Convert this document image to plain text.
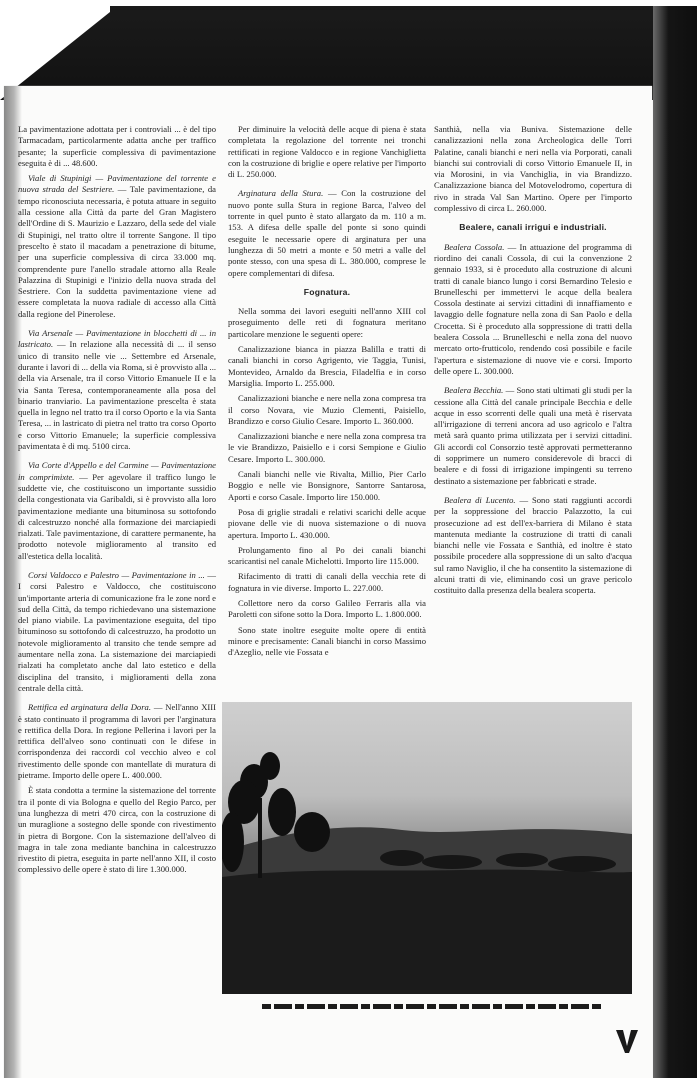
La pavimentazione adottata per i controviali ... è del tipo Tarmacadam, particolarmente adatta anche per traffico pesante; la superficie complessiva di pavimentazione eseguita è di ... 48.600.

Viale di Stupinigi — Pavimentazione del torrente e nuova strada del Sestriere. — Tale pavimentazione, da tempo riconosciuta necessaria, è potuta attuare in seguito alla cessione alla Città da parte del Gran Magistero dell'Ordine di S. Maurizio e Lazzaro, della sede del viale di Stupinigi, nel tratto oltre il torrente Sangone. Il tipo prescelto è stato il macadam a penetrazione di bitume, per una superficie complessiva di circa 33.000 mq. comprendente pure l'anello stradale attorno alla Reale Palazzina di Stupinigi e l'inizio della nuova strada del Sestriere. Con la suddetta pavimentazione viene ad essere completata la nuova radiale di accesso alla Città dalla regione del Pinerolese.

Via Arsenale — Pavimentazione in blocchetti di ... in lastricato. — In relazione alla necessità di ... il senso unico di transito nelle vie ... Settembre ed Arsenale, durante i lavori di ... della via Roma, si è provvisto alla ... della via Arsenale, tra il corso Vittorio Emanuele II e la via Santa Teresa, contemporaneamente alla posa del binario tranviario. La pavimentazione prescelta è stata quella in legno nel tratto tra il corso Oporto e la via Santa Teresa, ... in lastricato di pietra nel tratto tra corso Oporto e corso Vittorio Emanuele; la superficie complessiva pavimentata è di mq. 5100 circa.

Via Corte d'Appello e del Carmine — Pavimentazione in comprimixte. — Per agevolare il traffico lungo le suddette vie, che costituiscono un importante sussidio della congestionata via Garibaldi, si è provvisto alla loro pavimentazione mediante una bituminosa su sottofondo di calcestruzzo nonché alla formazione dei marciapiedi rialzati. Tale pavimentazione, di carattere permanente, ha prodotto notevole miglioramento al transito ed all'estetica della località.

Corsi Valdocco e Palestro — Pavimentazione in ... — I corsi Palestro e Valdocco, che costituiscono un'importante arteria di comunicazione fra le zone nord e sud della Città, da tempo richiedevano una sistemazione del piano viabile. La pavimentazione eseguita, del tipo bituminoso su sottofondo di calcestruzzo, ha prodotto un notevole miglioramento al transito che tende sempre ad aumentare nella zona. La sistemazione dei marciapiedi rialzati ha completato anche dal lato estetico e della disciplina del transito, i miglioramenti della zona centrale della città.

Rettifica ed arginatura della Dora. — Nell'anno XIII è stato continuato il programma di lavori per l'arginatura e rettifica della Dora. In regione Pellerina i lavori per la rettifica dell'alveo sono continuati con le difese in corrispondenza dei raccordi col vecchio alveo e col rivestimento delle sponde con mantellate di muratura di pietrame. Importo delle opere L. 400.000.

È stata condotta a termine la sistemazione del torrente tra il ponte di via Bologna e quello del Regio Parco, per una lunghezza di metri 470 circa, con la costruzione di un muraglione a sostegno delle sponde con rivestimento in pietra di Borgone. Con la sistemazione dell'alveo di magra in tale zona mediante banchina in calcestruzzo rivestito di pietra, eseguita in parte nell'anno XII, il costo complessivo delle opere è stato di lire 1.300.000.

Per diminuire la velocità delle acque di piena è stata completata la regolazione del torrente nei tronchi rettificati in regione Valdocco e in regione Vanchiglietta con la costruzione di briglie e opere relative per l'importo di L. 250.000.

Arginatura della Stura. — Con la costruzione del nuovo ponte sulla Stura in regione Barca, l'alveo del torrente in quel punto è stato allargato da m. 110 a m. 153. A difesa delle spalle del ponte si sono quindi eseguite le necessarie opere di arginatura per una lunghezza di 50 metri a monte e 50 metri a valle del ponte stesso, con una spesa di L. 380.000, comprese le opere complementari di difesa.

Fognatura.

Nella somma dei lavori eseguiti nell'anno XIII col proseguimento delle reti di fognatura meritano particolare menzione le seguenti opere:

Canalizzazione bianca in piazza Balilla e tratti di canali bianchi in corso Agrigento, vie Taggia, Tunisi, Montevideo, Arnaldo da Brescia, Filadelfia e in corso Marsiglia. Importo L. 255.000.

Canalizzazioni bianche e nere nella zona compresa tra il corso Novara, vie Muzio Clementi, Paisiello, Brandizzo e corso Giulio Cesare. Importo L. 360.000.

Canalizzazioni bianche e nere nella zona compresa tra le vie Brandizzo, Paisiello e i corsi Sempione e Giulio Cesare. Importo L. 300.000.

Canali bianchi nelle vie Rivalta, Millio, Pier Carlo Boggio e nelle vie Bonsignore, Santorre Santarosa, Aporti e corso Casale. Importo lire 150.000.

Posa di griglie stradali e relativi scarichi delle acque piovane delle vie di nuova sistemazione o di nuova apertura. Importo L. 430.000.

Prolungamento fino al Po dei canali bianchi scaricantisi nel canale Michelotti. Importo lire 115.000.

Rifacimento di tratti di canali della vecchia rete di fognatura in vie diverse. Importo L. 227.000.

Collettore nero da corso Galileo Ferraris alla via Paroletti con sifone sotto la Dora. Importo L. 1.800.000.

Sono state inoltre eseguite molte opere di entità minore e precisamente: Canali bianchi in corso Massimo d'Azeglio, nelle vie Fossata e

Santhià, nella via Buniva. Sistemazione delle canalizzazioni nella zona Archeologica delle Torri Palatine, canali bianchi e neri nella via Porporati, canali bianchi sui controviali di corso Vittorio Emanuele II, in via Morosini, in via Vanchiglia, in via Brandizzo. Canalizzazione bianca del Motovelodromo, copertura di rivo in strada Val San Martino. Opere per l'importo complessivo di circa L. 260.000.

Bealere, canali irrigui e industriali.

Bealera Cossola. — In attuazione del programma di riordino dei canali Cossola, di cui la convenzione 2 gennaio 1933, si è proceduto alla costruzione di alcuni tratti di canale bianco lungo i corsi Bernardino Telesio e Brunelleschi per immettervi le acque della bealera Cossola destinate ai servizi cittadini di innaffiamento e lavaggio delle fognature nella zona di San Paolo e della Crocetta. Si è proceduto alla soppressione di tratti della bealera Cossola ... Brunelleschi e nella zona del nuovo mercato orto-frutticolo, rendendo così possibile e facile l'apertura e sistemazione di nuove vie e corsi. Importo delle opere L. 300.000.

Bealera Becchia. — Sono stati ultimati gli studi per la cessione alla Città del canale principale Becchia e delle acque in esso scorrenti delle quali una metà è riservata all'irrigazione di terreni ancora ad uso agricolo e l'altra metà sarà quanto prima utilizzata per i servizi cittadini. Gli accordi col Consorzio testè approvati permetteranno di sopprimere un numero considerevole di bracci di bealere e di fossi di irrigazione impingenti su terreno destinato a sistemazione per fabbricati e strade.

Bealera di Lucento. — Sono stati raggiunti accordi per la soppressione del braccio Palazzotto, la cui prosecuzione ad est dell'ex-barriera di Milano è stata mantenuta mediante la costruzione di tratti di canali bianchi nelle vie Fossata e Santhià, ed inoltre è stato possibile procedere alla soppressione di un salto d'acqua sul ramo Naviglio, il che ha consentito la sistemazione di alcuni tratti di vie, eliminando così un grave pericolo costituito dalla presenza della bealera scoperta.
